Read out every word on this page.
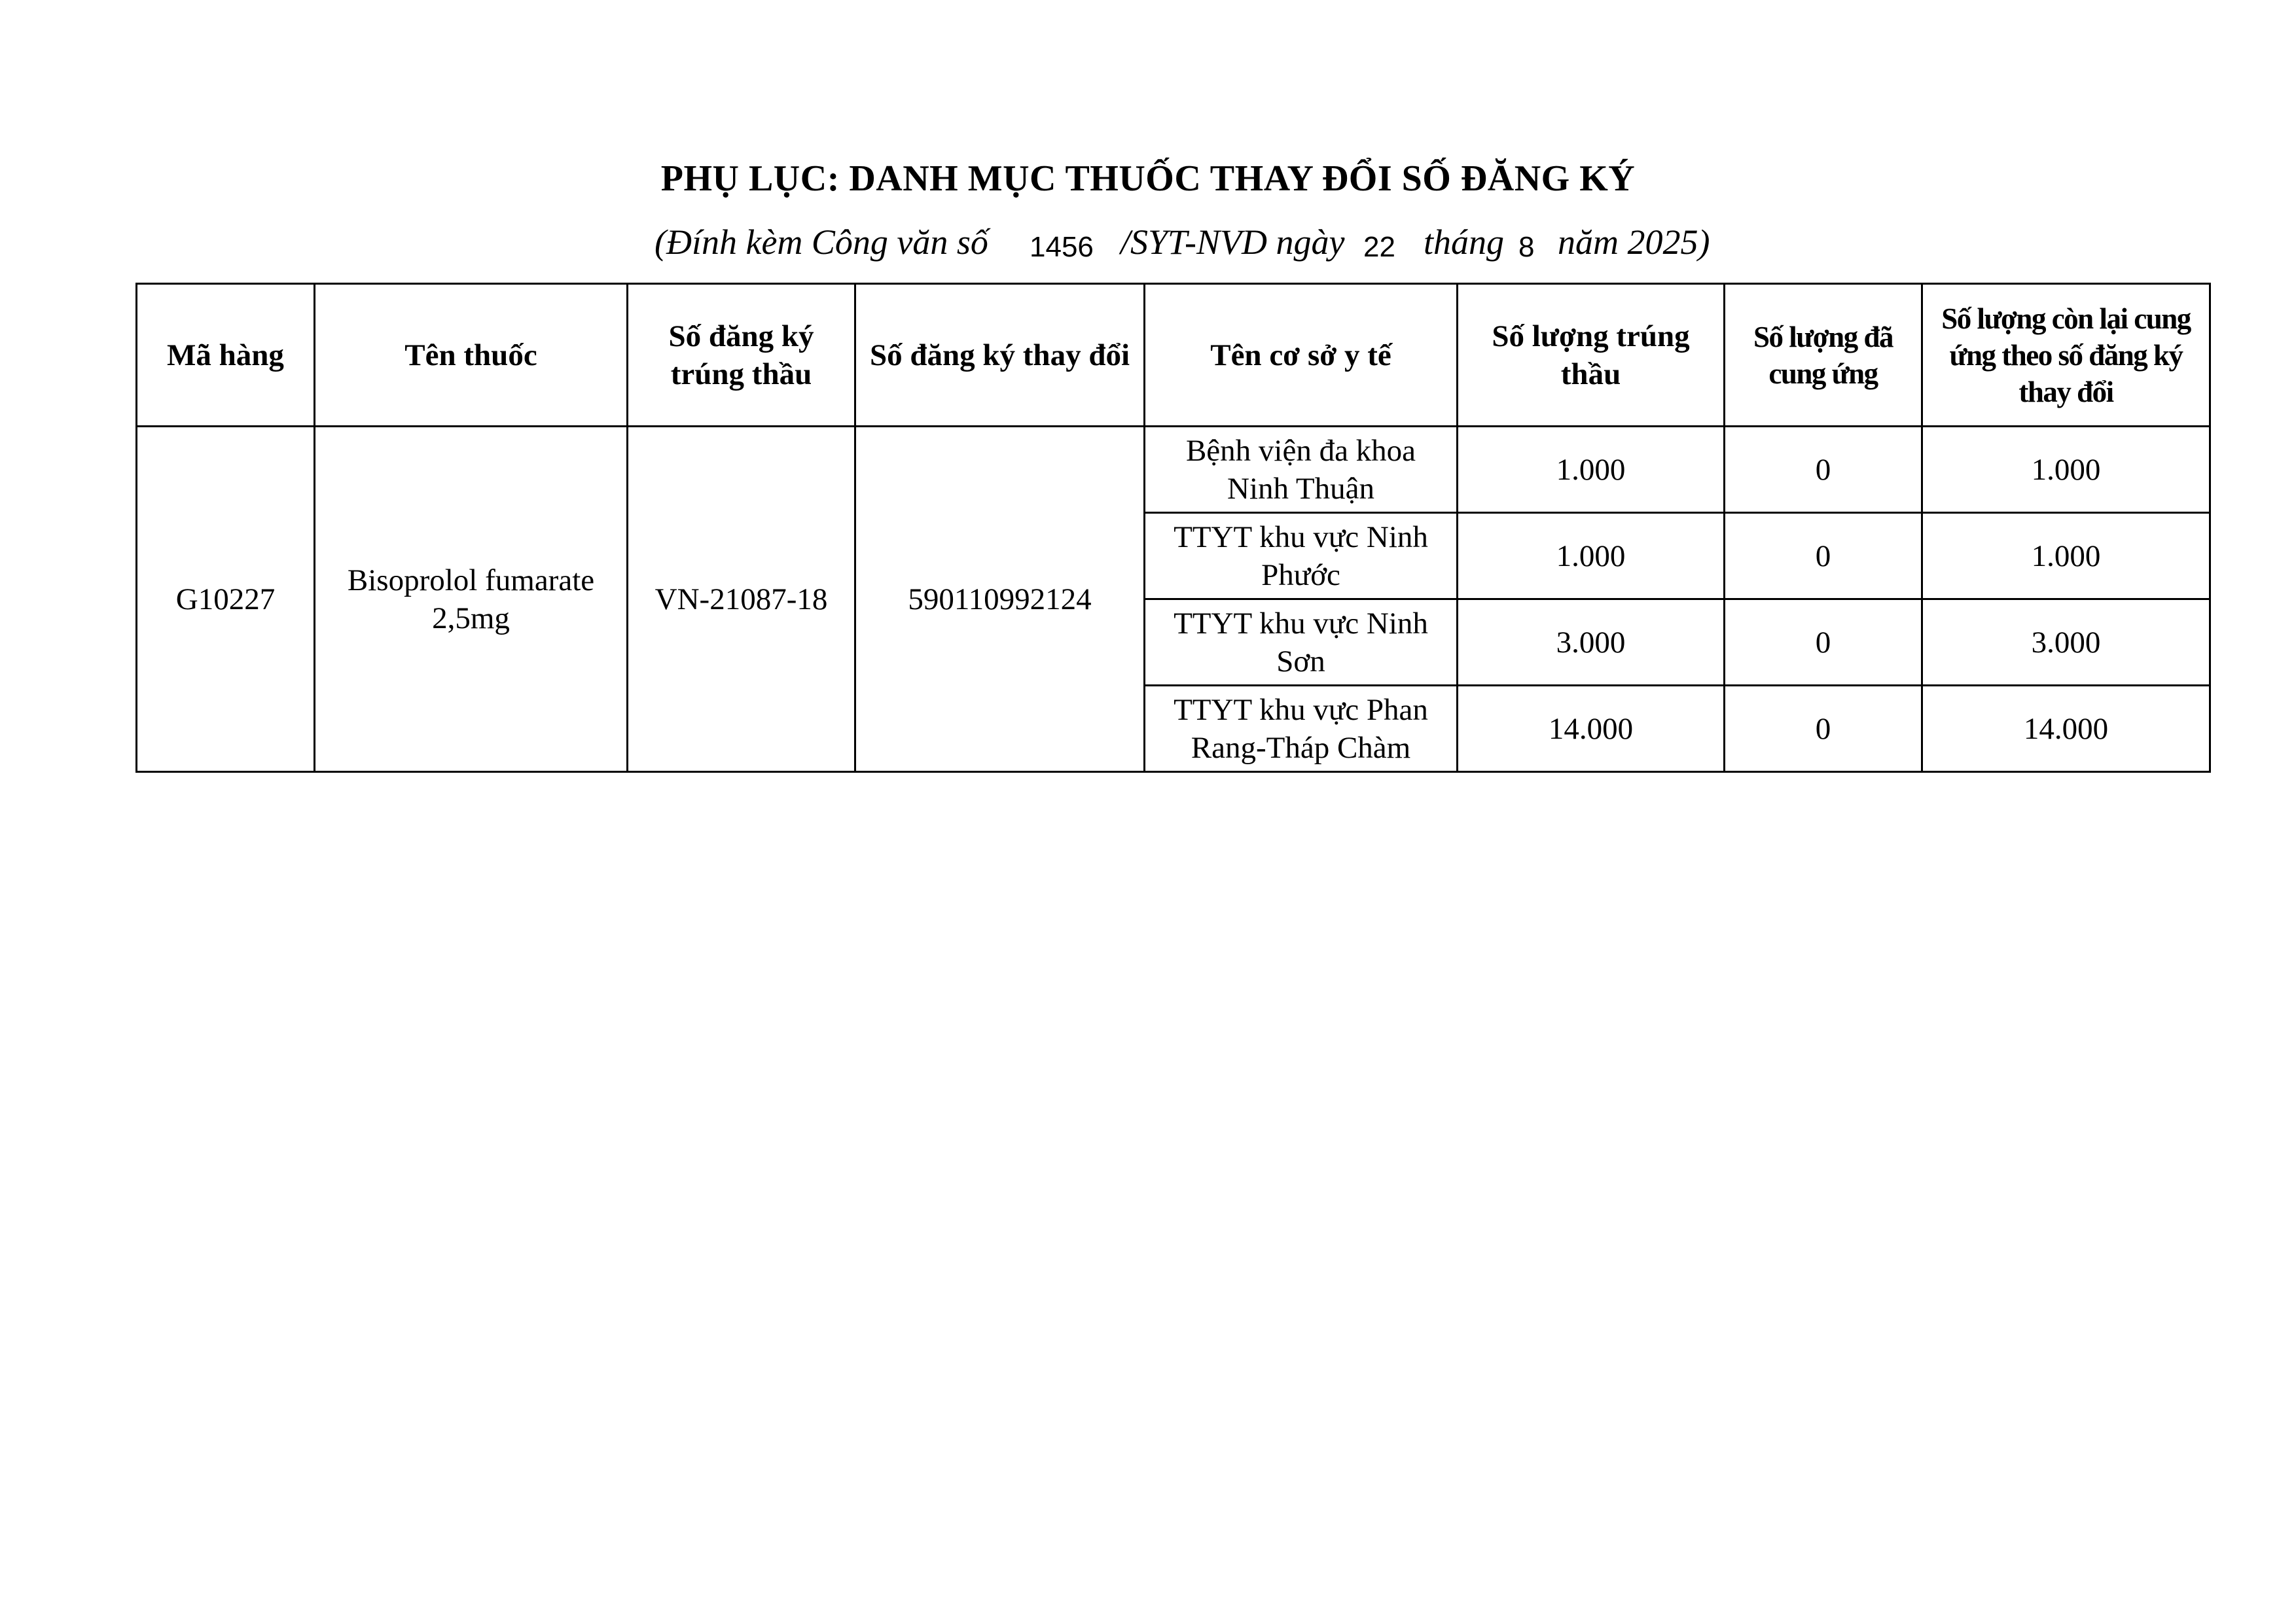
PHỤ LỤC: DANH MỤC THUỐC THAY ĐỔI SỐ ĐĂNG KÝ
(Đính kèm Công văn số 1456 /SYT-NVD ngày 22 tháng 8 năm 2025)
Mã hàng	Tên thuốc	Số đăng ký trúng thầu	Số đăng ký thay đổi	Tên cơ sở y tế	Số lượng trúng thầu	Số lượng đã cung ứng	Số lượng còn lại cung ứng theo số đăng ký thay đổi
G10227	Bisoprolol fumarate 2,5mg	VN-21087-18	590110992124	Bệnh viện đa khoa Ninh Thuận	1.000	0	1.000
				TTYT khu vực Ninh Phước	1.000	0	1.000
				TTYT khu vực Ninh Sơn	3.000	0	3.000
				TTYT khu vực Phan Rang-Tháp Chàm	14.000	0	14.000
